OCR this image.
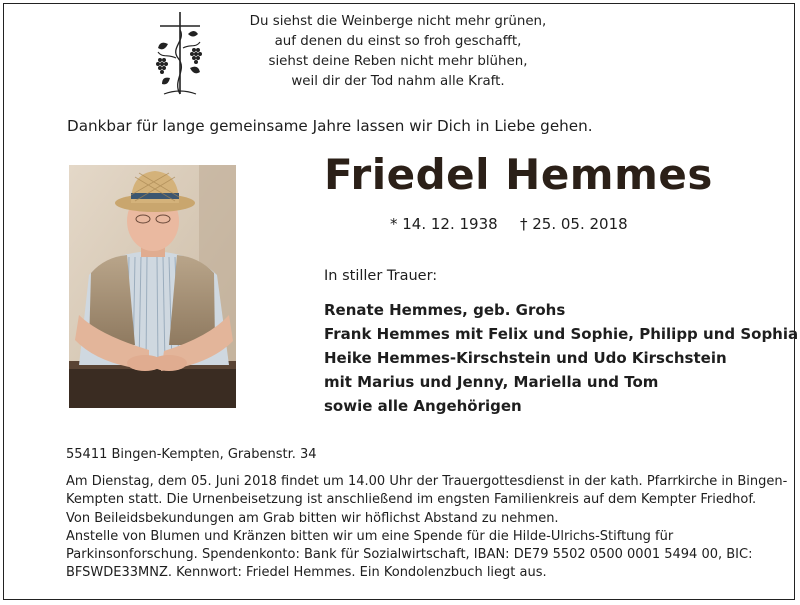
Du siehst die Weinberge nicht mehr grünen,
auf denen du einst so froh geschafft,
siehst deine Reben nicht mehr blühen,
weil dir der Tod nahm alle Kraft.
Dankbar für lange gemeinsame Jahre lassen wir Dich in Liebe gehen.
Friedel Hemmes
* 14. 12. 1938 † 25. 05. 2018
In stiller Trauer:
Renate Hemmes, geb. Grohs
Frank Hemmes mit Felix und Sophie, Philipp und Sophia
Heike Hemmes-Kirschstein und Udo Kirschstein
mit Marius und Jenny, Mariella und Tom
sowie alle Angehörigen
55411 Bingen-Kempten, Grabenstr. 34
Am Dienstag, dem 05. Juni 2018 findet um 14.00 Uhr der Trauergottesdienst in der kath. Pfarrkirche in Bingen-
Kempten statt. Die Urnenbeisetzung ist anschließend im engsten Familienkreis auf dem Kempter Friedhof.
Von Beileidsbekundungen am Grab bitten wir höflichst Abstand zu nehmen.
Anstelle von Blumen und Kränzen bitten wir um eine Spende für die Hilde-Ulrichs-Stiftung für
Parkinsonforschung. Spendenkonto: Bank für Sozialwirtschaft, IBAN: DE79 5502 0500 0001 5494 00, BIC:
BFSWDE33MNZ. Kennwort: Friedel Hemmes. Ein Kondolenzbuch liegt aus.
